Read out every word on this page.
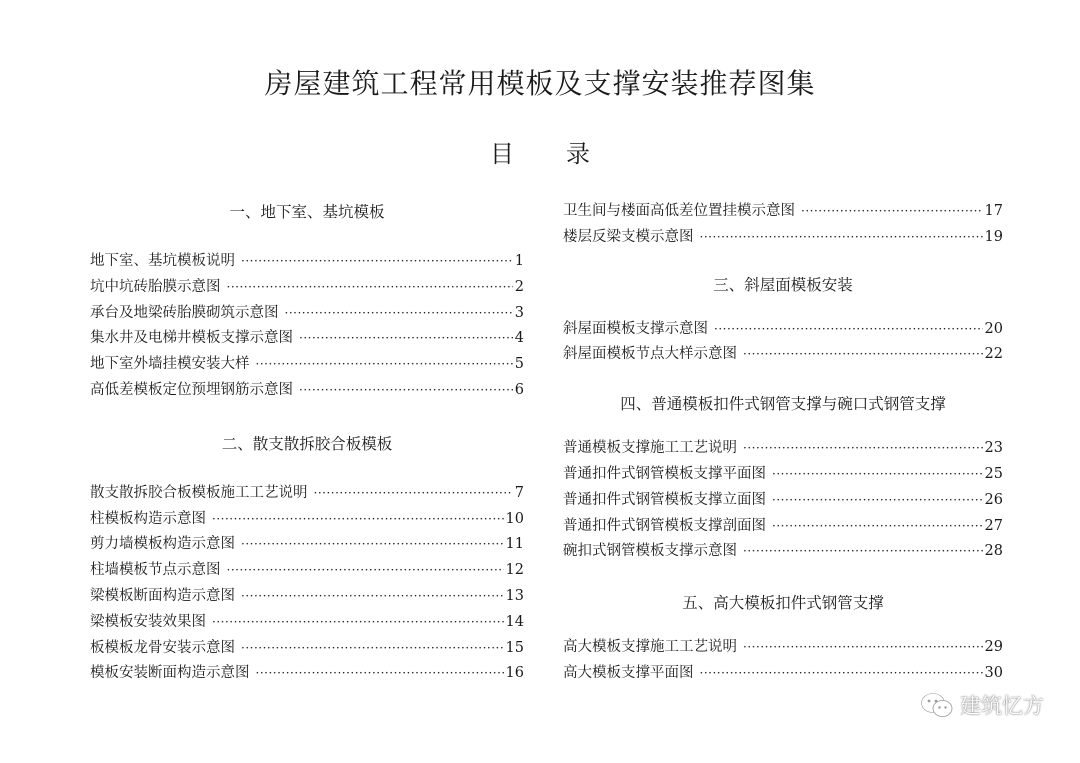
房屋建筑工程常用模板及支撑安装推荐图集
目 录
一、地下室、基坑模板
地下室、基坑模板说明 ·····	1
坑中坑砖胎膜示意图 ·····	2
承台及地梁砖胎膜砌筑示意图 ·····	3
集水井及电梯井模板支撑示意图 ·····	4
地下室外墙挂模安装大样 ·····	5
高低差模板定位预埋钢筋示意图 ·····	6
二、散支散拆胶合板模板
散支散拆胶合板模板施工工艺说明 ·····	7
柱模板构造示意图 ·····	10
剪力墙模板构造示意图 ·····	11
柱墙模板节点示意图 ·····	12
梁模板断面构造示意图 ·····	13
梁模板安装效果图 ·····	14
板模板龙骨安装示意图 ·····	15
模板安装断面构造示意图 ·····	16
卫生间与楼面高低差位置挂模示意图 ·····	17
楼层反梁支模示意图 ·····	19
三、斜屋面模板安装
斜屋面模板支撑示意图 ·····	20
斜屋面模板节点大样示意图 ·····	22
四、普通模板扣件式钢管支撑与碗口式钢管支撑
普通模板支撑施工工艺说明 ·····	23
普通扣件式钢管模板支撑平面图 ·····	25
普通扣件式钢管模板支撑立面图 ·····	26
普通扣件式钢管模板支撑剖面图 ·····	27
碗扣式钢管模板支撑示意图 ·····	28
五、高大模板扣件式钢管支撑
高大模板支撑施工工艺说明 ·····	29
高大模板支撑平面图 ·····	30
建筑忆方
